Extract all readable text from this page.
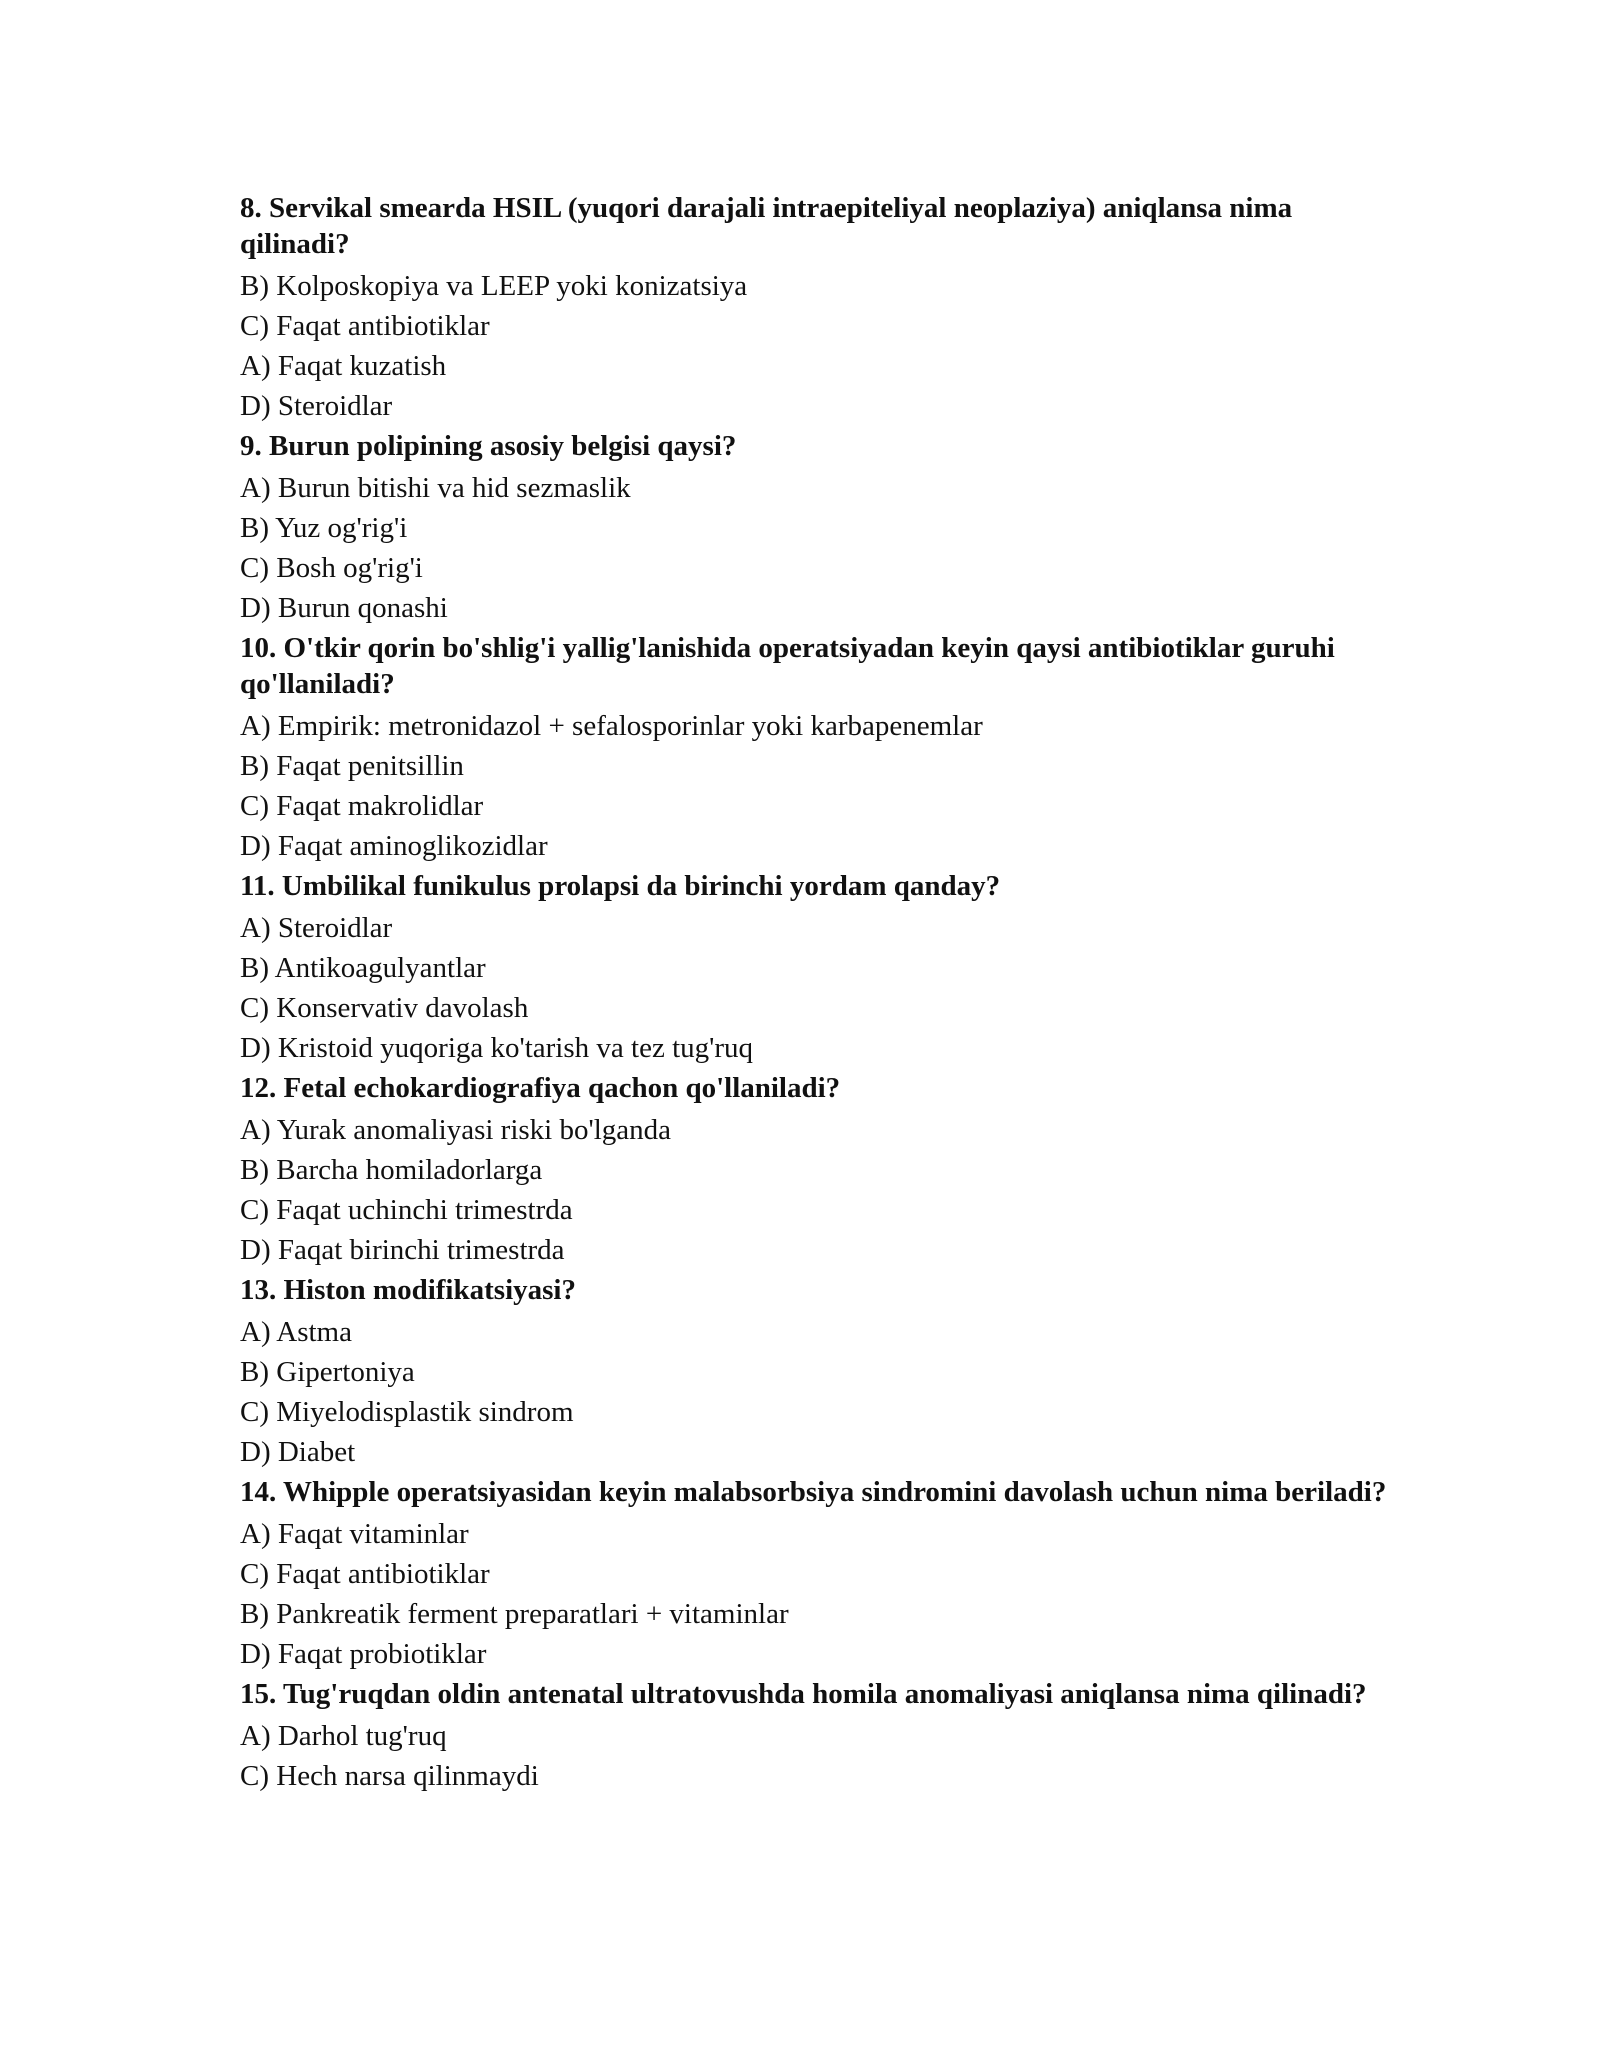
8. Servikal smearda HSIL (yuqori darajali intraepiteliyal neoplaziya) aniqlansa nima qilinadi?

B) Kolposkopiya va LEEP yoki konizatsiya

C) Faqat antibiotiklar

A) Faqat kuzatish

D) Steroidlar

9. Burun polipining asosiy belgisi qaysi?

A) Burun bitishi va hid sezmaslik

B) Yuz og'rig'i

C) Bosh og'rig'i

D) Burun qonashi

10. O'tkir qorin bo'shlig'i yallig'lanishida operatsiyadan keyin qaysi antibiotiklar guruhi qo'llaniladi?

A) Empirik: metronidazol + sefalosporinlar yoki karbapenemlar

B) Faqat penitsillin

C) Faqat makrolidlar

D) Faqat aminoglikozidlar

11. Umbilikal funikulus prolapsi da birinchi yordam qanday?

A) Steroidlar

B) Antikoagulyantlar

C) Konservativ davolash

D) Kristoid yuqoriga ko'tarish va tez tug'ruq

12. Fetal echokardiografiya qachon qo'llaniladi?

A) Yurak anomaliyasi riski bo'lganda

B) Barcha homiladorlarga

C) Faqat uchinchi trimestrda

D) Faqat birinchi trimestrda

13. Histon modifikatsiyasi?

A) Astma

B) Gipertoniya

C) Miyelodisplastik sindrom

D) Diabet

14. Whipple operatsiyasidan keyin malabsorbsiya sindromini davolash uchun nima beriladi?

A) Faqat vitaminlar

C) Faqat antibiotiklar

B) Pankreatik ferment preparatlari + vitaminlar

D) Faqat probiotiklar

15. Tug'ruqdan oldin antenatal ultratovushda homila anomaliyasi aniqlansa nima qilinadi?

A) Darhol tug'ruq

C) Hech narsa qilinmaydi
